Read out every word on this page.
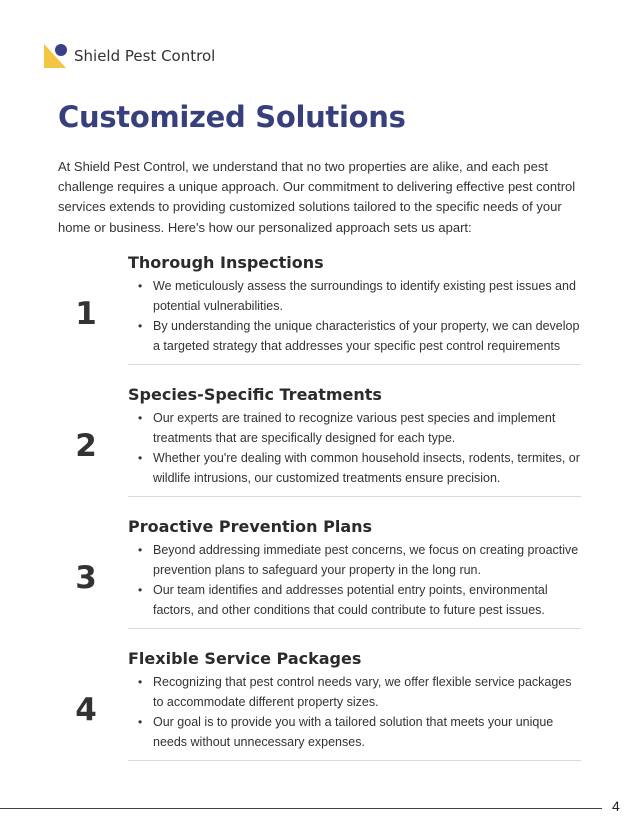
Shield Pest Control
Customized Solutions

At Shield Pest Control, we understand that no two properties are alike, and each pest challenge requires a unique approach. Our commitment to delivering effective pest control services extends to providing customized solutions tailored to the specific needs of your home or business. Here's how our personalized approach sets us apart:

1
Thorough Inspections
• We meticulously assess the surroundings to identify existing pest issues and potential vulnerabilities.
• By understanding the unique characteristics of your property, we can develop a targeted strategy that addresses your specific pest control requirements
2
Species-Specific Treatments
• Our experts are trained to recognize various pest species and implement treatments that are specifically designed for each type.
• Whether you're dealing with common household insects, rodents, termites, or wildlife intrusions, our customized treatments ensure precision.
3
Proactive Prevention Plans
• Beyond addressing immediate pest concerns, we focus on creating proactive prevention plans to safeguard your property in the long run.
• Our team identifies and addresses potential entry points, environmental factors, and other conditions that could contribute to future pest issues.
4
Flexible Service Packages
• Recognizing that pest control needs vary, we offer flexible service packages to accommodate different property sizes.
• Our goal is to provide you with a tailored solution that meets your unique needs without unnecessary expenses.
4
